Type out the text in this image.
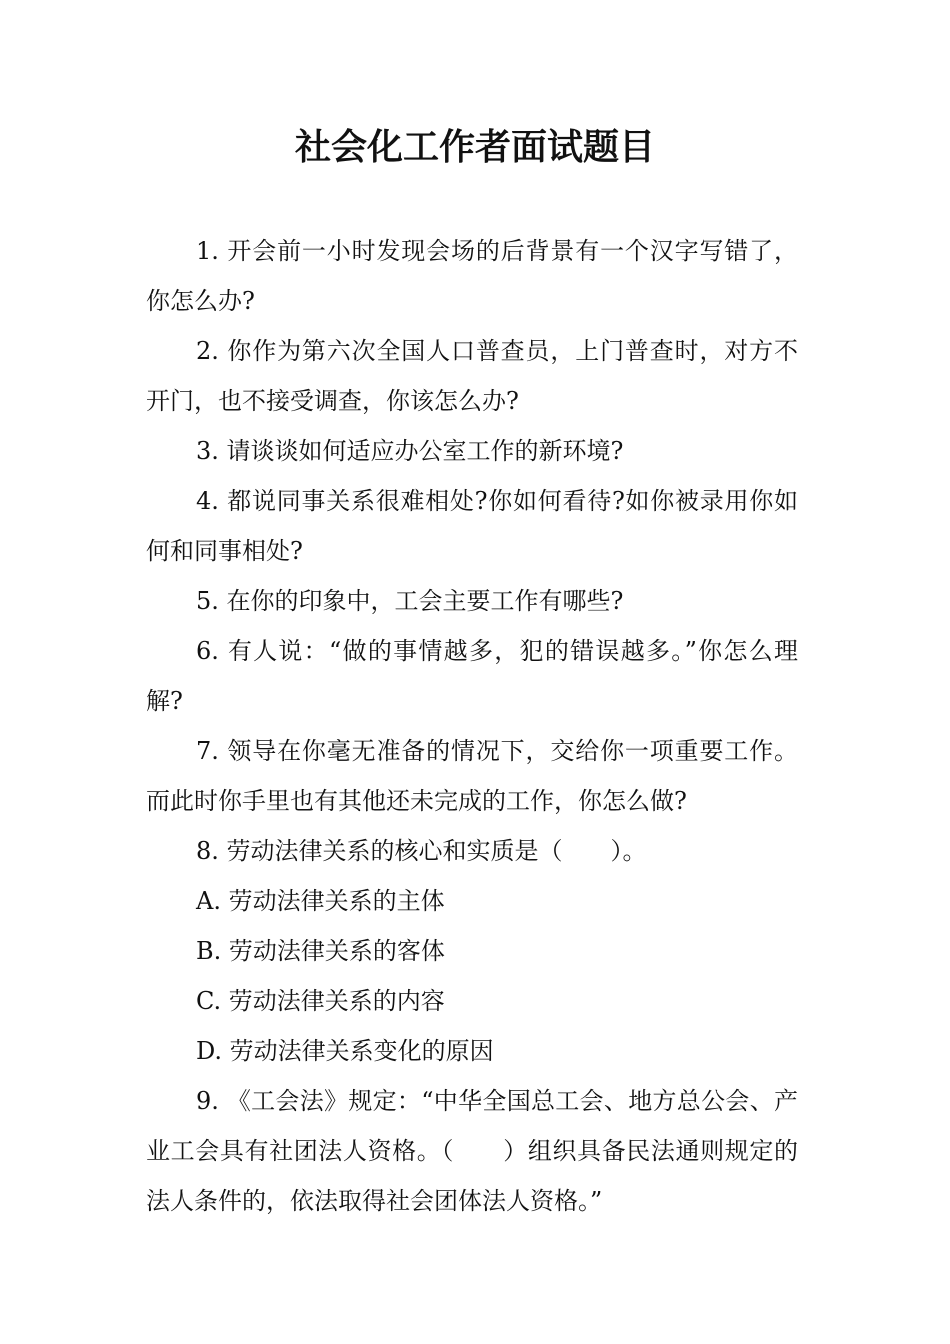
社会化工作者面试题目

1. 开会前一小时发现会场的后背景有一个汉字写错了，你怎么办?

2. 你作为第六次全国人口普查员，上门普查时，对方不开门，也不接受调查，你该怎么办?

3. 请谈谈如何适应办公室工作的新环境?

4. 都说同事关系很难相处?你如何看待?如你被录用你如何和同事相处?

5. 在你的印象中，工会主要工作有哪些?

6. 有人说：“做的事情越多，犯的错误越多。”你怎么理解?

7. 领导在你毫无准备的情况下，交给你一项重要工作。而此时你手里也有其他还未完成的工作，你怎么做?

8. 劳动法律关系的核心和实质是（　　）。

A. 劳动法律关系的主体

B. 劳动法律关系的客体

C. 劳动法律关系的内容

D. 劳动法律关系变化的原因

9. 《工会法》规定：“中华全国总工会、地方总公会、产业工会具有社团法人资格。（　　）组织具备民法通则规定的法人条件的，依法取得社会团体法人资格。”
